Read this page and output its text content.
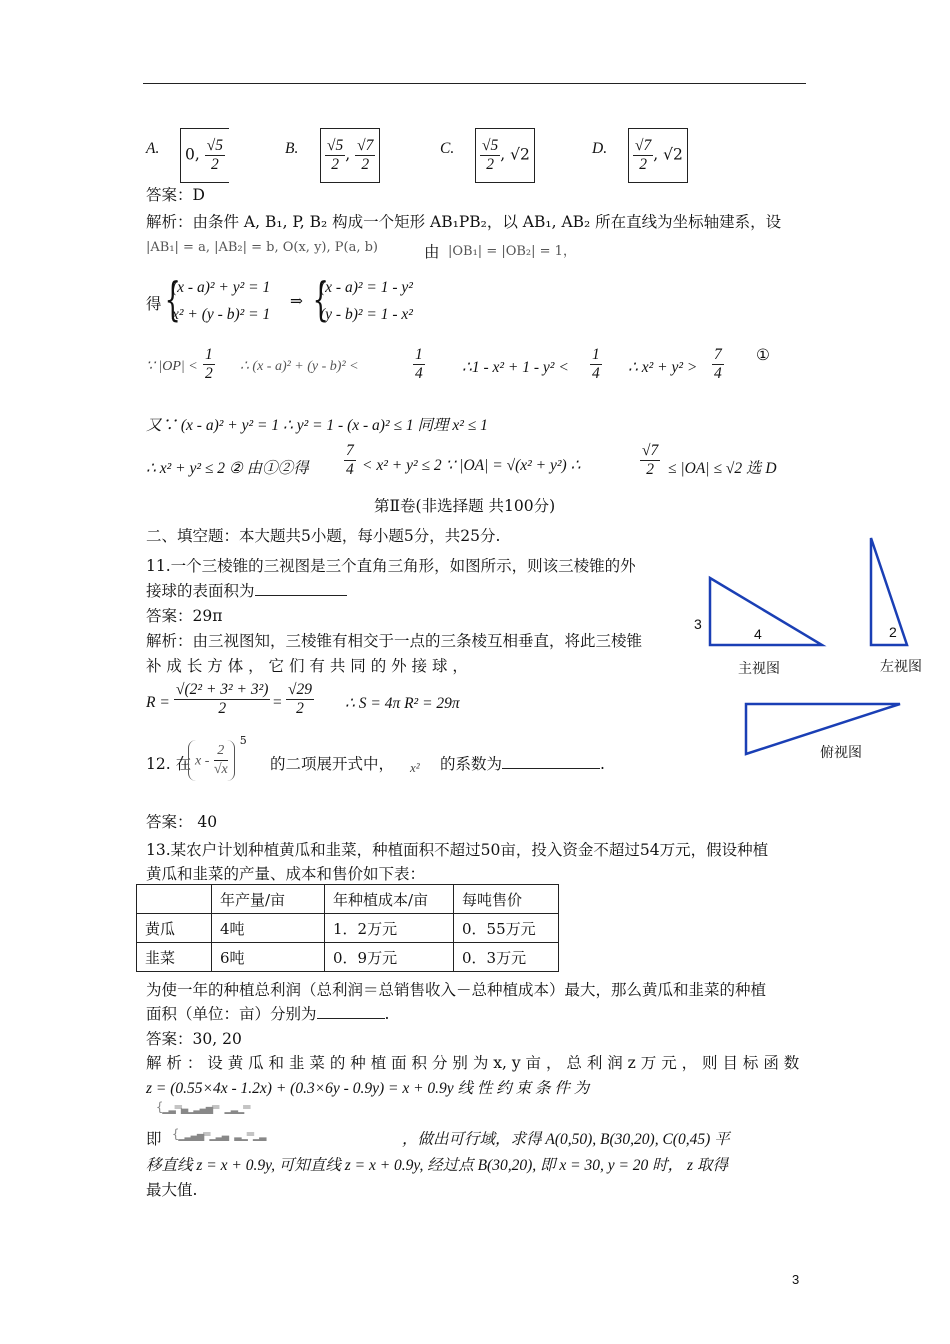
A.	0, $\frac{√5}{2}$	B. $\frac{√5}{2}$ , $\frac{√7}{2}$	C. $\frac{√5}{2}$ , √2	D. $\frac{√7}{2}$ , √2
答案：D
解析：由条件 A, B₁, P, B₂ 构成一个矩形 AB₁PB₂，以 AB₁, AB₂ 所在直线为坐标轴建系，设
|AB₁| = a, |AB₂| = b, O(x, y), P(a, b)	由 |OB₁| = |OB₂| = 1，
得 {
(x - a)² + y² = 1
x² + (y - b)² = 1
⇒ {
(x - a)² = 1 - y²
(y - b)² = 1 - x²
∵ $|OP| < \frac{1}{2}$ ∴ (x - a)² + (y - b)² <	$\frac{1}{4}$ ∴1 - $x^2 + 1 - y^2 < \frac{1}{4}$ ∴ $x^2 + y^2 > \frac{7}{4}$ ①
又∵ (x - a)² + y² = 1 ∴ y² = 1 - (x - a)² ≤ 1 同理 x² ≤ 1
∴ x² + y² ≤ 2 ② 由①②得 $\frac{7}{4} < x^2 + y^2 \le 2$ ∵ |OA| = √(x² + y²) ∴	$\frac{√7}{2} \le |OA| \le √2$ 选 D
第Ⅱ卷(非选择题 共100分)
二、填空题：本大题共5小题，每小题5分，共25分.
11.一个三棱锥的三视图是三个直角三角形，如图所示，则该三棱锥的外
接球的表面积为
答案：29π
解析：由三视图知，三棱锥有相交于一点的三条棱互相垂直，将此三棱锥
补 成 长 方 体 ， 它 们 有 共 同 的 外 接 球 ，
$R = \frac{\text{√(2² + 3² + 3²)}}{2} = \frac{√29}{2}$ ∴ S = 4π R² = 29π
3
4	2
主视图	左视图
俯视图
12. 在 x - $\frac{2}{√x}$
$^5$
的二项展开式中， x² 的系数为	.
答案： 40
13.某农户计划种植黄瓜和韭菜，种植面积不超过50亩，投入资金不超过54万元，假设种植
黄瓜和韭菜的产量、成本和售价如下表：
	年产量/亩	年种植成本/亩	每吨售价
黄瓜	4吨	1．2万元	0．55万元
韭菜	6吨	0．9万元	0．3万元
为使一年的种植总利润（总利润＝总销售收入－总种植成本）最大，那么黄瓜和韭菜的种植
面积（单位：亩）分别为	.
答案：30, 20
解 析 ： 设 黄 瓜 和 韭 菜 的 种 植 面 积 分 别 为 x, y 亩 ， 总 利 润 z 万 元 ， 则 目 标 函 数
z = (0.55×4x - 1.2x) + (0.3×6y - 0.9y) = x + 0.9y 线 性 约 束 条 件 为
{▁▂═▃▁▂▃▄═ ▁▂▁═
即 {▁▂▃▄═▁▂▃ ▂▁═▁▂	，做出可行域，求得 A(0,50), B(30,20), C(0,45) 平
移直线 z = x + 0.9y, 可知直线 z = x + 0.9y, 经过点 B(30,20), 即 x = 30, y = 20 时， z 取得
最大值.
3
